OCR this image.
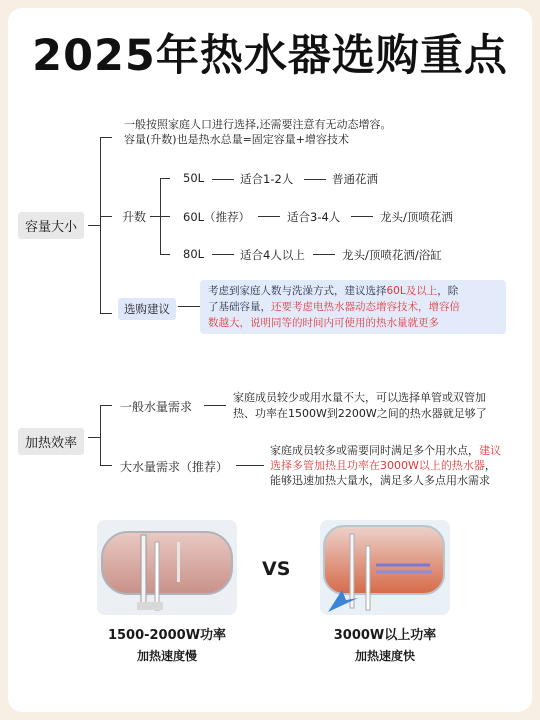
2025年热水器选购重点
容量大小
一般按照家庭人口进行选择,还需要注意有无动态增容。
容量(升数)也是热水总量=固定容量+增容技术
升数
50L	适合1-2人	普通花洒
60L（推荐）	适合3-4人	龙头/顶喷花洒
80L	适合4人以上	龙头/顶喷花洒/浴缸
选购建议
考虑到家庭人数与洗澡方式，建议选择60L及以上，除
了基础容量，还要考虑电热水器动态增容技术，增容倍
数越大，说明同等的时间内可使用的热水量就更多
加热效率
一般水量需求
家庭成员较少或用水量不大，可以选择单管或双管加
热、功率在1500W到2200W之间的热水器就足够了
大水量需求（推荐）
家庭成员较多或需要同时满足多个用水点，建议
选择多管加热且功率在3000W以上的热水器，
能够迅速加热大量水，满足多人多点用水需求
VS
1500-2000W功率
加热速度慢
3000W以上功率
加热速度快
